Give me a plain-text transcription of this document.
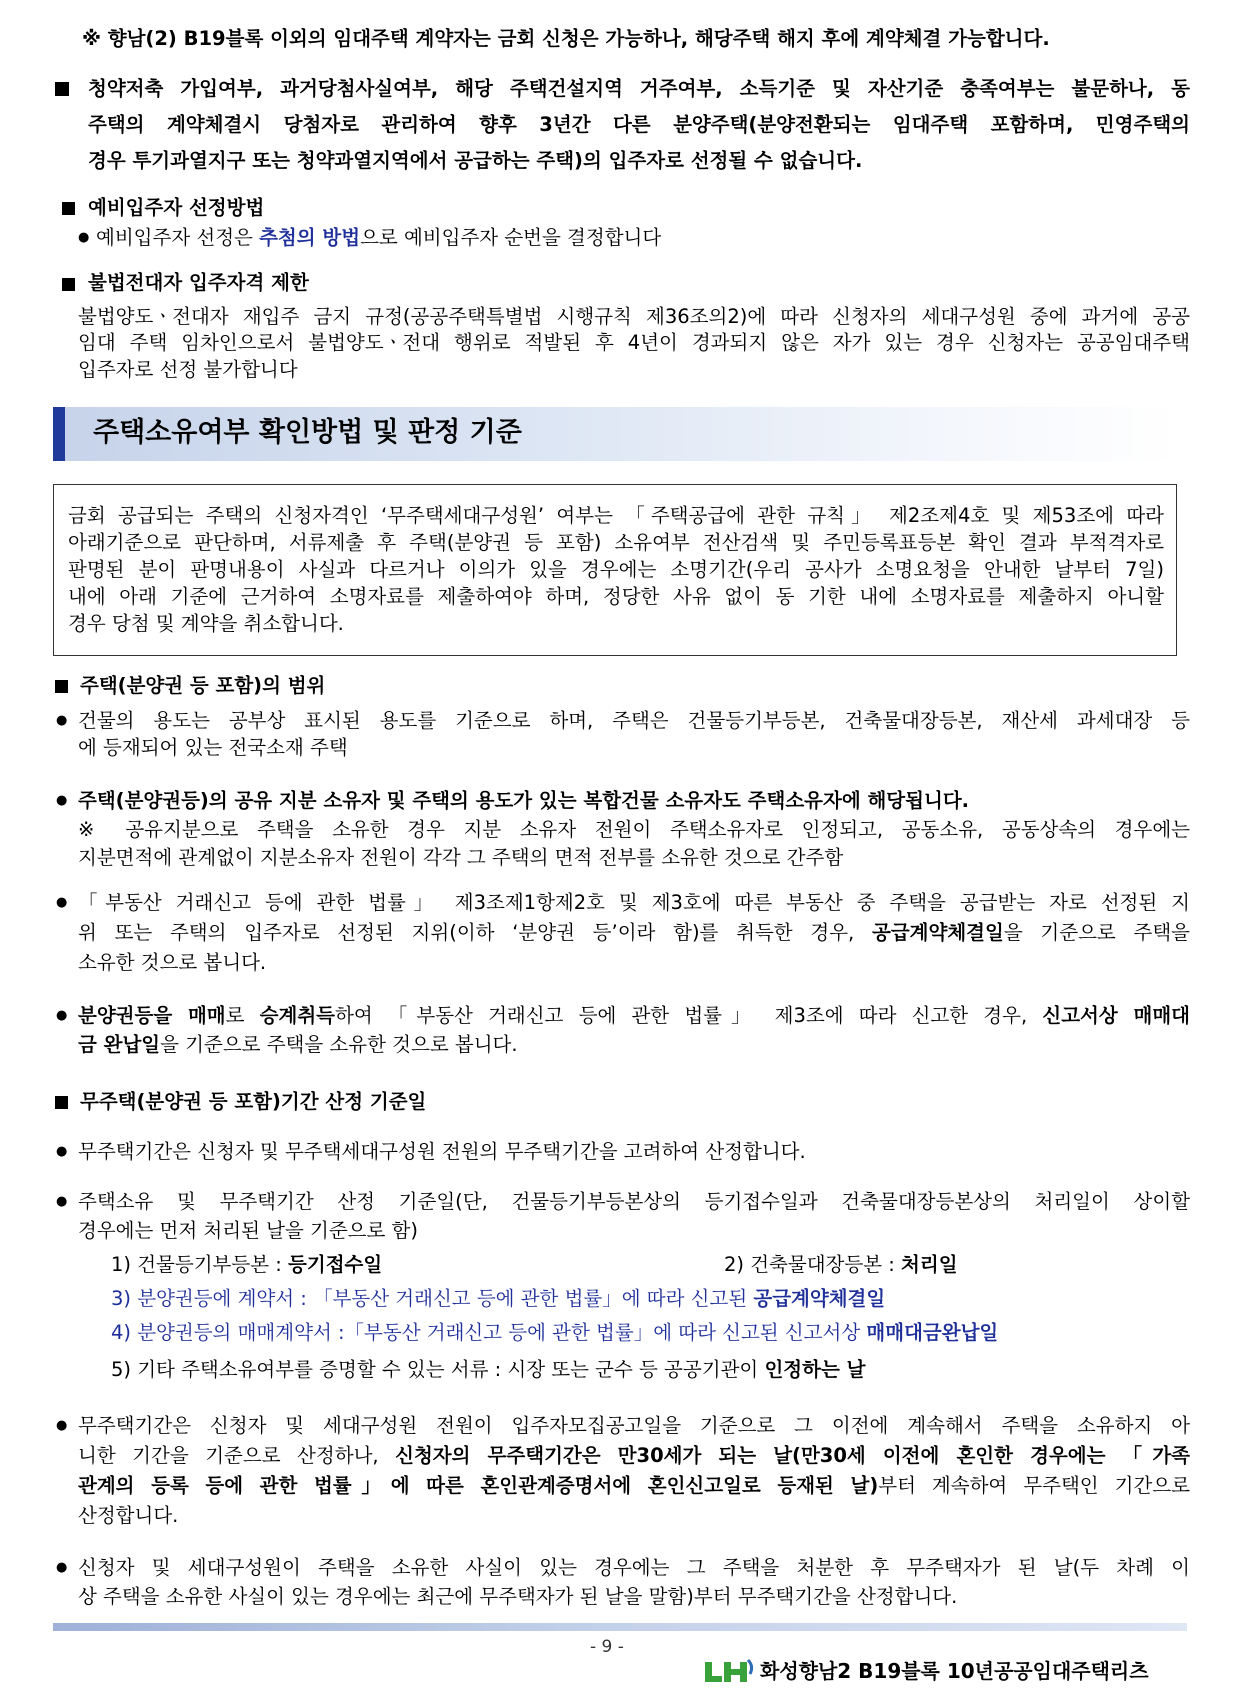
※ 향남(2) B19블록 이외의 임대주택 계약자는 금회 신청은 가능하나, 해당주택 해지 후에 계약체결 가능합니다.
청약저축 가입여부, 과거당첨사실여부, 해당 주택건설지역 거주여부, 소득기준 및 자산기준 충족여부는 불문하나, 동
주택의 계약체결시 당첨자로 관리하여 향후 3년간 다른 분양주택(분양전환되는 임대주택 포함하며, 민영주택의
경우 투기과열지구 또는 청약과열지역에서 공급하는 주택)의 입주자로 선정될 수 없습니다.
예비입주자 선정방법
● 예비입주자 선정은 추첨의 방법으로 예비입주자 순번을 결정합니다
불법전대자 입주자격 제한
불법양도ㆍ전대자 재입주 금지 규정(공공주택특별법 시행규칙 제36조의2)에 따라 신청자의 세대구성원 중에 과거에 공공
임대 주택 임차인으로서 불법양도ㆍ전대 행위로 적발된 후 4년이 경과되지 않은 자가 있는 경우 신청자는 공공임대주택
입주자로 선정 불가합니다
주택소유여부 확인방법 및 판정 기준
금회 공급되는 주택의 신청자격인 ‘무주택세대구성원’ 여부는 「주택공급에 관한 규칙」 제2조제4호 및 제53조에 따라
아래기준으로 판단하며, 서류제출 후 주택(분양권 등 포함) 소유여부 전산검색 및 주민등록표등본 확인 결과 부적격자로
판명된 분이 판명내용이 사실과 다르거나 이의가 있을 경우에는 소명기간(우리 공사가 소명요청을 안내한 날부터 7일)
내에 아래 기준에 근거하여 소명자료를 제출하여야 하며, 정당한 사유 없이 동 기한 내에 소명자료를 제출하지 아니할
경우 당첨 및 계약을 취소합니다.
주택(분양권 등 포함)의 범위
● 건물의 용도는 공부상 표시된 용도를 기준으로 하며, 주택은 건물등기부등본, 건축물대장등본, 재산세 과세대장 등
에 등재되어 있는 전국소재 주택
● 주택(분양권등)의 공유 지분 소유자 및 주택의 용도가 있는 복합건물 소유자도 주택소유자에 해당됩니다.
※ 공유지분으로 주택을 소유한 경우 지분 소유자 전원이 주택소유자로 인정되고, 공동소유, 공동상속의 경우에는
지분면적에 관계없이 지분소유자 전원이 각각 그 주택의 면적 전부를 소유한 것으로 간주함
● 「부동산 거래신고 등에 관한 법률」 제3조제1항제2호 및 제3호에 따른 부동산 중 주택을 공급받는 자로 선정된 지
위 또는 주택의 입주자로 선정된 지위(이하 ‘분양권 등’이라 함)를 취득한 경우, 공급계약체결일을 기준으로 주택을
소유한 것으로 봅니다.
● 분양권등을 매매로 승계취득하여 「부동산 거래신고 등에 관한 법률」 제3조에 따라 신고한 경우, 신고서상 매매대
금 완납일을 기준으로 주택을 소유한 것으로 봅니다.
무주택(분양권 등 포함)기간 산정 기준일
● 무주택기간은 신청자 및 무주택세대구성원 전원의 무주택기간을 고려하여 산정합니다.
● 주택소유 및 무주택기간 산정 기준일(단, 건물등기부등본상의 등기접수일과 건축물대장등본상의 처리일이 상이할
경우에는 먼저 처리된 날을 기준으로 함)
1) 건물등기부등본 : 등기접수일	2) 건축물대장등본 : 처리일
3) 분양권등에 계약서 : 「부동산 거래신고 등에 관한 법률」에 따라 신고된 공급계약체결일
4) 분양권등의 매매계약서 :「부동산 거래신고 등에 관한 법률」에 따라 신고된 신고서상 매매대금완납일
5) 기타 주택소유여부를 증명할 수 있는 서류 : 시장 또는 군수 등 공공기관이 인정하는 날
● 무주택기간은 신청자 및 세대구성원 전원이 입주자모집공고일을 기준으로 그 이전에 계속해서 주택을 소유하지 아
니한 기간을 기준으로 산정하나, 신청자의 무주택기간은 만30세가 되는 날(만30세 이전에 혼인한 경우에는 「가족
관계의 등록 등에 관한 법률」에 따른 혼인관계증명서에 혼인신고일로 등재된 날)부터 계속하여 무주택인 기간으로
산정합니다.
● 신청자 및 세대구성원이 주택을 소유한 사실이 있는 경우에는 그 주택을 처분한 후 무주택자가 된 날(두 차례 이
상 주택을 소유한 사실이 있는 경우에는 최근에 무주택자가 된 날을 말함)부터 무주택기간을 산정합니다.
- 9 -
화성향남2 B19블록 10년공공임대주택리츠
